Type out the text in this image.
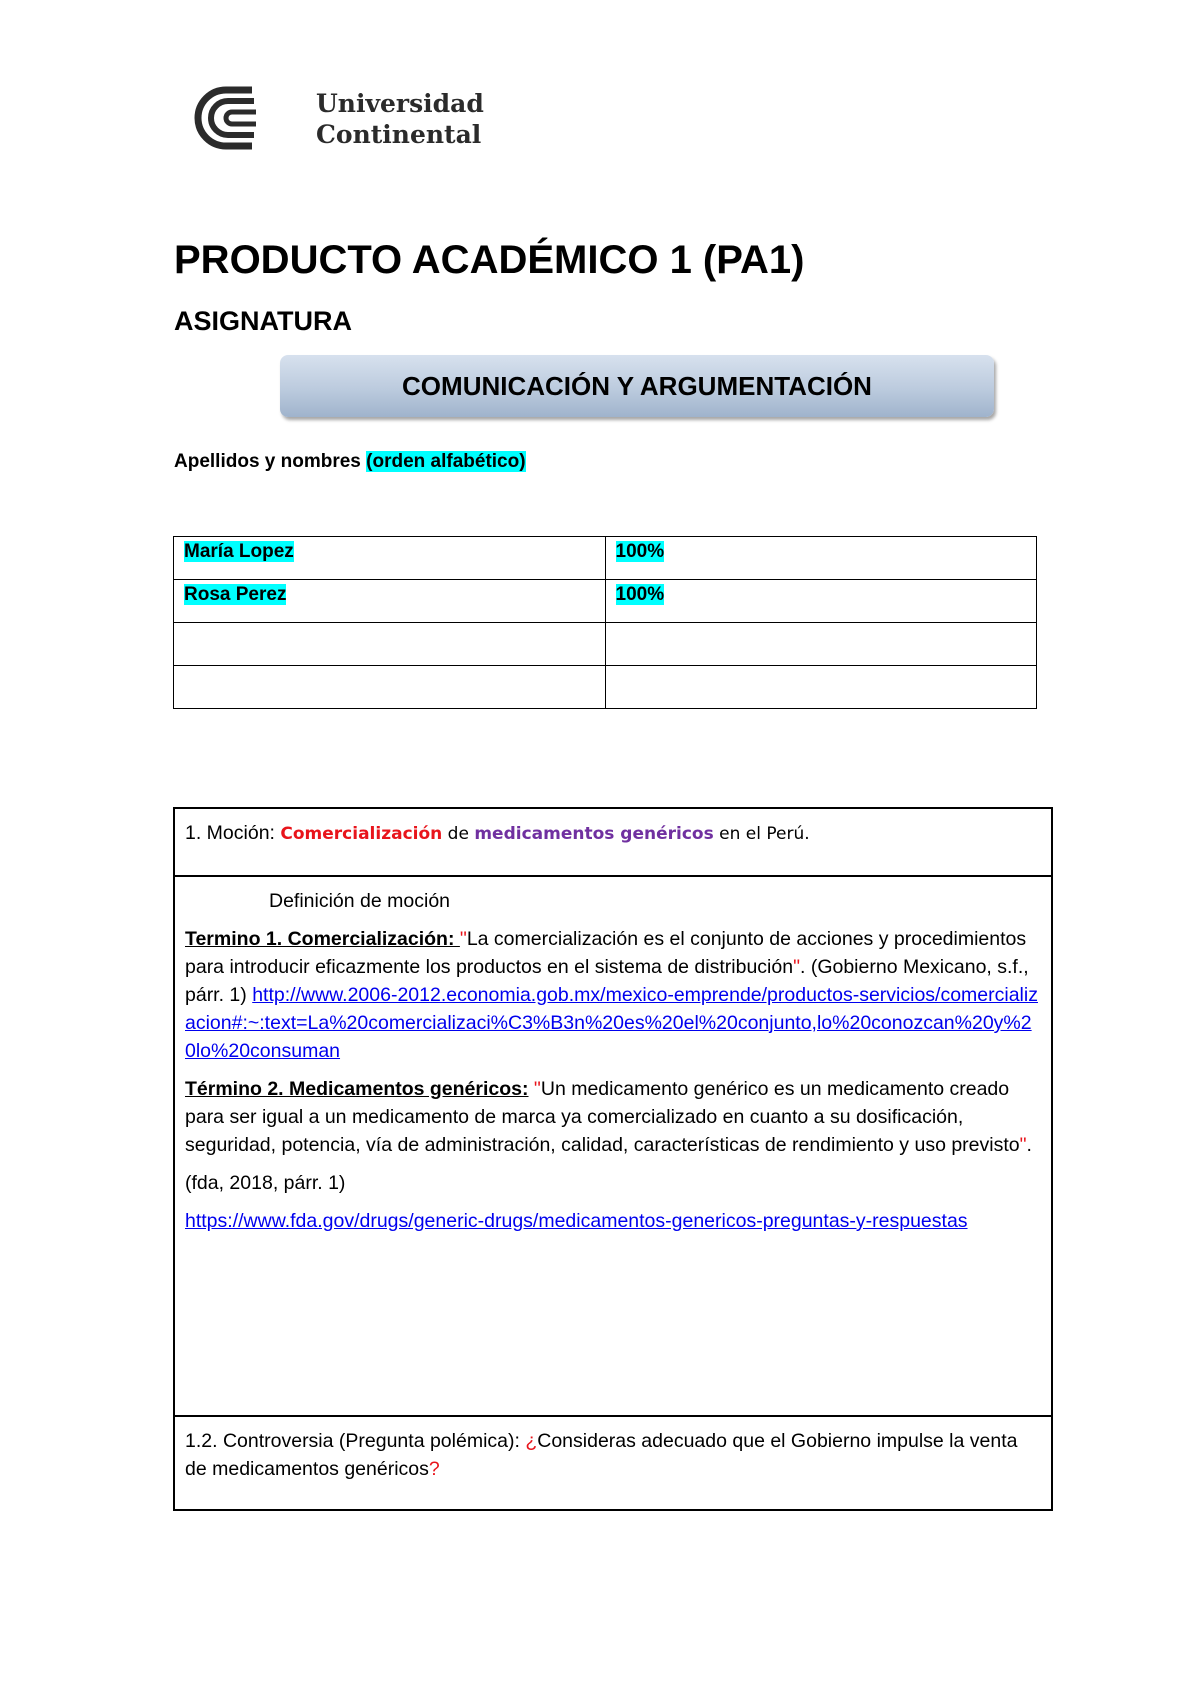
Universidad
Continental
PRODUCTO ACADÉMICO 1 (PA1)
ASIGNATURA
COMUNICACIÓN Y ARGUMENTACIÓN
Apellidos y nombres (orden alfabético)
María Lopez	100%
Rosa Perez	100%

1. Moción: Comercialización de medicamentos genéricos en el Perú.

Definición de moción

Termino 1. Comercialización: "La comercialización es el conjunto de acciones y procedimientos para introducir eficazmente los productos en el sistema de distribución". (Gobierno Mexicano, s.f., párr. 1) http://www.2006-2012.economia.gob.mx/mexico-emprende/productos-servicios/comercializacion#:~:text=La%20comercializaci%C3%B3n%20es%20el%20conjunto,lo%20conozcan%20y%20lo%20consuman

Término 2. Medicamentos genéricos: "Un medicamento genérico es un medicamento creado para ser igual a un medicamento de marca ya comercializado en cuanto a su dosificación, seguridad, potencia, vía de administración, calidad, características de rendimiento y uso previsto".

(fda, 2018, párr. 1)

https://www.fda.gov/drugs/generic-drugs/medicamentos-genericos-preguntas-y-respuestas

1.2. Controversia (Pregunta polémica): ¿Consideras adecuado que el Gobierno impulse la venta de medicamentos genéricos?
